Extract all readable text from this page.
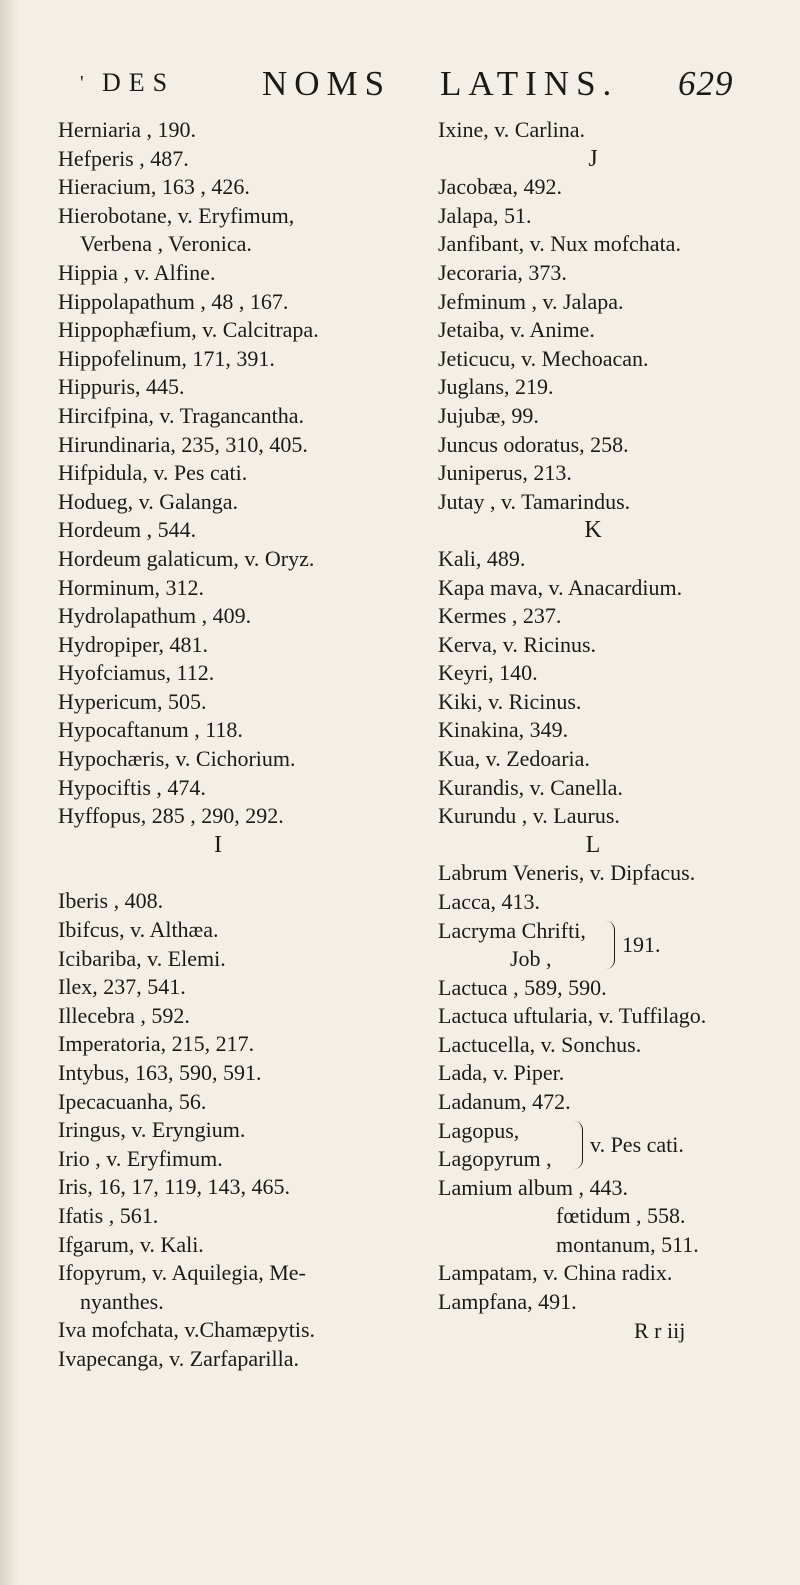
' DES NOMS LATINS. 629
Herniaria , 190.
Hefperis , 487.
Hieracium, 163 , 426.
Hierobotane, v. Eryfimum,
Verbena , Veronica.
Hippia , v. Alfine.
Hippolapathum , 48 , 167.
Hippophæfium, v. Calcitrapa.
Hippofelinum, 171, 391.
Hippuris, 445.
Hircifpina, v. Tragancantha.
Hirundinaria, 235, 310, 405.
Hifpidula, v. Pes cati.
Hodueg, v. Galanga.
Hordeum , 544.
Hordeum galaticum, v. Oryz.
Horminum, 312.
Hydrolapathum , 409.
Hydropiper, 481.
Hyofciamus, 112.
Hypericum, 505.
Hypocaftanum , 118.
Hypochæris, v. Cichorium.
Hypociftis , 474.
Hyffopus, 285 , 290, 292.
I
Iberis , 408.
Ibifcus, v. Althæa.
Icibariba, v. Elemi.
Ilex, 237, 541.
Illecebra , 592.
Imperatoria, 215, 217.
Intybus, 163, 590, 591.
Ipecacuanha, 56.
Iringus, v. Eryngium.
Irio , v. Eryfimum.
Iris, 16, 17, 119, 143, 465.
Ifatis , 561.
Ifgarum, v. Kali.
Ifopyrum, v. Aquilegia, Me-
nyanthes.
Iva mofchata, v.Chamæpytis.
Ivapecanga, v. Zarfaparilla.
Ixine, v. Carlina.
J
Jacobæa, 492.
Jalapa, 51.
Janfibant, v. Nux mofchata.
Jecoraria, 373.
Jefminum , v. Jalapa.
Jetaiba, v. Anime.
Jeticucu, v. Mechoacan.
Juglans, 219.
Jujubæ, 99.
Juncus odoratus, 258.
Juniperus, 213.
Jutay , v. Tamarindus.
K
Kali, 489.
Kapa mava, v. Anacardium.
Kermes , 237.
Kerva, v. Ricinus.
Keyri, 140.
Kiki, v. Ricinus.
Kinakina, 349.
Kua, v. Zedoaria.
Kurandis, v. Canella.
Kurundu , v. Laurus.
L
Labrum Veneris, v. Dipfacus.
Lacca, 413.
Lacryma Chrifti,
Job ,
191.
Lactuca , 589, 590.
Lactuca uftularia, v. Tuffilago.
Lactucella, v. Sonchus.
Lada, v. Piper.
Ladanum, 472.
Lagopus,
Lagopyrum ,
v. Pes cati.
Lamium album , 443.
fœtidum , 558.
montanum, 511.
Lampatam, v. China radix.
Lampfana, 491.
R r iij
